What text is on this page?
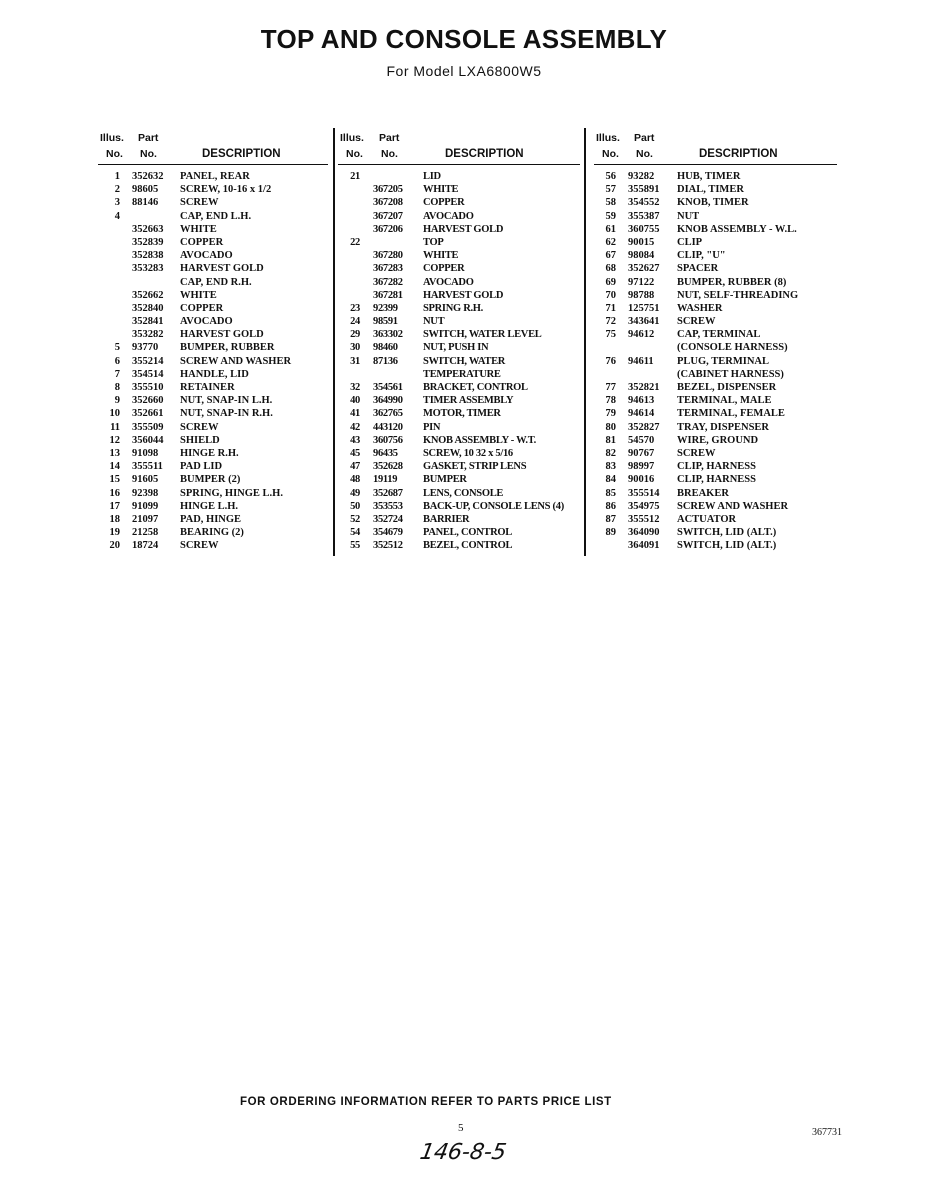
TOP AND CONSOLE ASSEMBLY
For Model LXA6800W5
Illus. Part
No. No.	DESCRIPTION
1 352632 PANEL, REAR
2 98605 SCREW, 10-16 x 1/2
3 88146 SCREW
4	CAP, END L.H.
352663 WHITE
352839 COPPER
352838 AVOCADO
353283 HARVEST GOLD
CAP, END R.H.
352662 WHITE
352840 COPPER
352841 AVOCADO
353282 HARVEST GOLD
5 93770 BUMPER, RUBBER
6 355214 SCREW AND WASHER
7 354514 HANDLE, LID
8 355510 RETAINER
9 352660 NUT, SNAP-IN L.H.
10 352661 NUT, SNAP-IN R.H.
11 355509 SCREW
12 356044 SHIELD
13 91098 HINGE R.H.
14 355511 PAD LID
15 91605 BUMPER (2)
16 92398 SPRING, HINGE L.H.
17 91099 HINGE L.H.
18 21097 PAD, HINGE
19 21258 BEARING (2)
20 18724 SCREW
Illus. Part
No. No.	DESCRIPTION
21	LID
367205 WHITE
367208 COPPER
367207 AVOCADO
367206 HARVEST GOLD
22	TOP
367280 WHITE
367283 COPPER
367282 AVOCADO
367281 HARVEST GOLD
23 92399 SPRING R.H.
24 98591 NUT
29 363302 SWITCH, WATER LEVEL
30 98460 NUT, PUSH IN
31 87136 SWITCH, WATER
TEMPERATURE
32 354561 BRACKET, CONTROL
40 364990 TIMER ASSEMBLY
41 362765 MOTOR, TIMER
42 443120 PIN
43 360756 KNOB ASSEMBLY - W.T.
45 96435 SCREW, 10 32 x 5/16
47 352628 GASKET, STRIP LENS
48 19119 BUMPER
49 352687 LENS, CONSOLE
50 353553 BACK-UP, CONSOLE LENS (4)
52 352724 BARRIER
54 354679 PANEL, CONTROL
55 352512 BEZEL, CONTROL
Illus. Part
No. No.	DESCRIPTION
56 93282 HUB, TIMER
57 355891 DIAL, TIMER
58 354552 KNOB, TIMER
59 355387 NUT
61 360755 KNOB ASSEMBLY - W.L.
62 90015 CLIP
67 98084 CLIP, "U"
68 352627 SPACER
69 97122 BUMPER, RUBBER (8)
70 98788 NUT, SELF-THREADING
71 125751 WASHER
72 343641 SCREW
75 94612 CAP, TERMINAL
(CONSOLE HARNESS)
76 94611 PLUG, TERMINAL
(CABINET HARNESS)
77 352821 BEZEL, DISPENSER
78 94613 TERMINAL, MALE
79 94614 TERMINAL, FEMALE
80 352827 TRAY, DISPENSER
81 54570 WIRE, GROUND
82 90767 SCREW
83 98997 CLIP, HARNESS
84 90016 CLIP, HARNESS
85 355514 BREAKER
86 354975 SCREW AND WASHER
87 355512 ACTUATOR
89 364090 SWITCH, LID (ALT.)
364091 SWITCH, LID (ALT.)
FOR ORDERING INFORMATION REFER TO PARTS PRICE LIST
5
146-8-5
367731
